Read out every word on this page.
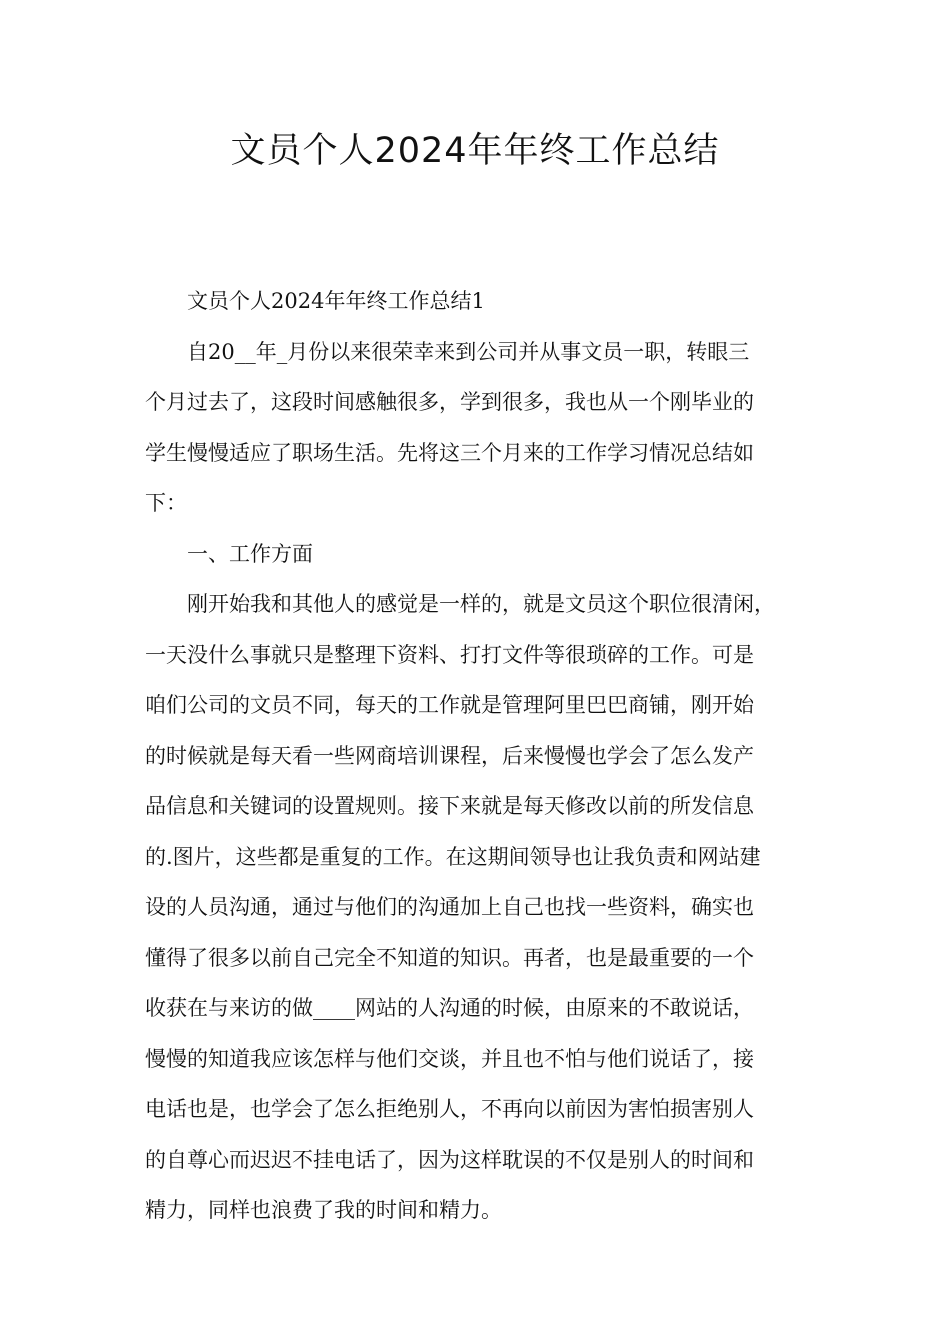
文员个人2024年年终工作总结

文员个人2024年年终工作总结1

自20__年_月份以来很荣幸来到公司并从事文员一职，转眼三
个月过去了，这段时间感触很多，学到很多，我也从一个刚毕业的
学生慢慢适应了职场生活。先将这三个月来的工作学习情况总结如
下：

一、工作方面

刚开始我和其他人的感觉是一样的，就是文员这个职位很清闲，
一天没什么事就只是整理下资料、打打文件等很琐碎的工作。可是
咱们公司的文员不同，每天的工作就是管理阿里巴巴商铺，刚开始
的时候就是每天看一些网商培训课程，后来慢慢也学会了怎么发产
品信息和关键词的设置规则。接下来就是每天修改以前的所发信息
的.图片，这些都是重复的工作。在这期间领导也让我负责和网站建
设的人员沟通，通过与他们的沟通加上自己也找一些资料，确实也
懂得了很多以前自己完全不知道的知识。再者，也是最重要的一个
收获在与来访的做____网站的人沟通的时候，由原来的不敢说话，
慢慢的知道我应该怎样与他们交谈，并且也不怕与他们说话了，接
电话也是，也学会了怎么拒绝别人，不再向以前因为害怕损害别人
的自尊心而迟迟不挂电话了，因为这样耽误的不仅是别人的时间和
精力，同样也浪费了我的时间和精力。
